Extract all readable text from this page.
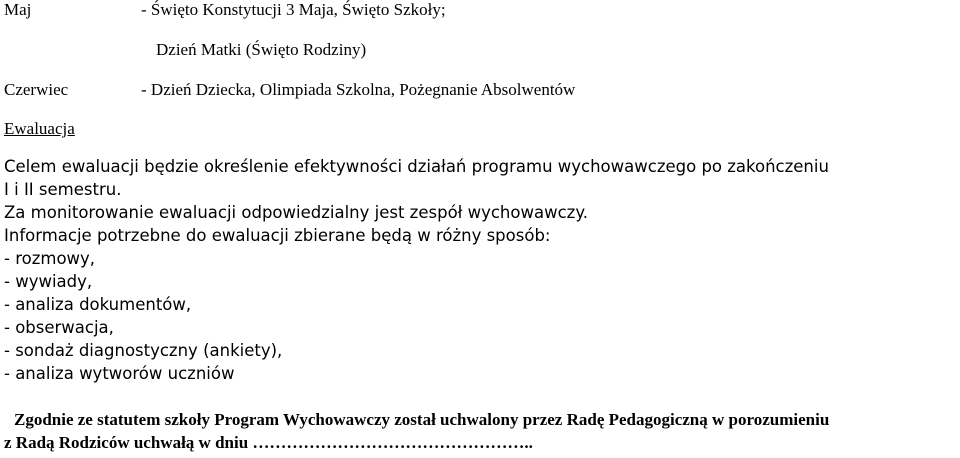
Maj	- Święto Konstytucji 3 Maja, Święto Szkoły;
Dzień Matki (Święto Rodziny)
Czerwiec	- Dzień Dziecka, Olimpiada Szkolna, Pożegnanie Absolwentów
Ewaluacja
Celem ewaluacji będzie określenie efektywności działań programu wychowawczego po zakończeniu
I i II semestru.
Za monitorowanie ewaluacji odpowiedzialny jest zespół wychowawczy.
Informacje potrzebne do ewaluacji zbierane będą w różny sposób:
- rozmowy,
- wywiady,
- analiza dokumentów,
- obserwacja,
- sondaż diagnostyczny (ankiety),
- analiza wytworów uczniów
Zgodnie ze statutem szkoły Program Wychowawczy został uchwalony przez Radę Pedagogiczną w porozumieniu
z Radą Rodziców uchwałą w dniu …………………………………………..
